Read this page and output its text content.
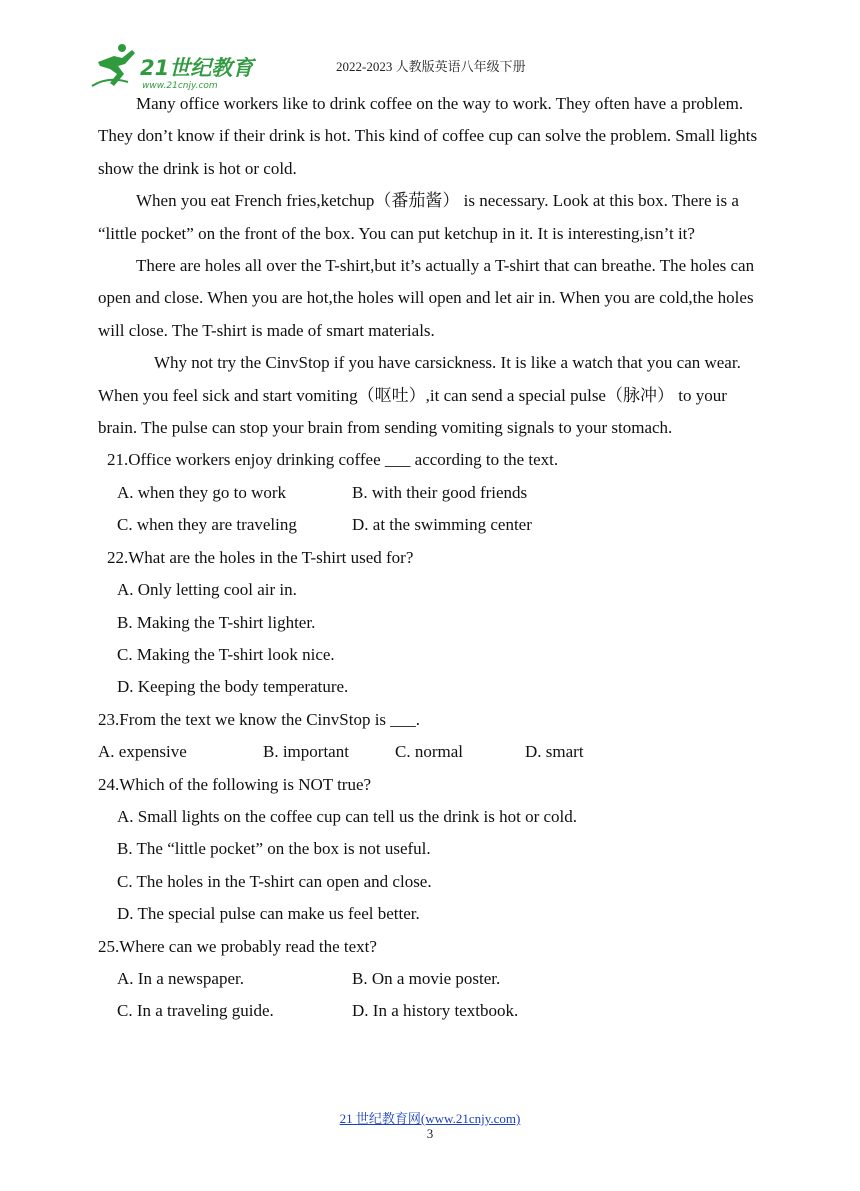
21世纪教育
www.21cnjy.com
2022-2023 人教版英语八年级下册

Many office workers like to drink coffee on the way to work. They often have a problem. They don’t know if their drink is hot. This kind of coffee cup can solve the problem. Small lights show the drink is hot or cold.

When you eat French fries,ketchup（番茄酱） is necessary. Look at this box. There is a “little pocket” on the front of the box. You can put ketchup in it. It is interesting,isn’t it?

There are holes all over the T-shirt,but it’s actually a T-shirt that can breathe. The holes can open and close. When you are hot,the holes will open and let air in. When you are cold,the holes will close. The T-shirt is made of smart materials.

Why not try the CinvStop if you have carsickness. It is like a watch that you can wear. When you feel sick and start vomiting（呕吐）,it can send a special pulse（脉冲） to your brain. The pulse can stop your brain from sending vomiting signals to your stomach.

21.Office workers enjoy drinking coffee ___ according to the text.

A. when they go to work	B. with their good friends

C. when they are traveling	D. at the swimming center

22.What are the holes in the T-shirt used for?

A. Only letting cool air in.

B. Making the T-shirt lighter.

C. Making the T-shirt look nice.

D. Keeping the body temperature.

23.From the text we know the CinvStop is ___.

A. expensive	B. important	C. normal	D. smart

24.Which of the following is NOT true?

A. Small lights on the coffee cup can tell us the drink is hot or cold.

B. The “little pocket” on the box is not useful.

C. The holes in the T-shirt can open and close.

D. The special pulse can make us feel better.

25.Where can we probably read the text?

A. In a newspaper.	B. On a movie poster.

C. In a traveling guide.	D. In a history textbook.

21 世纪教育网(www.21cnjy.com)
3
